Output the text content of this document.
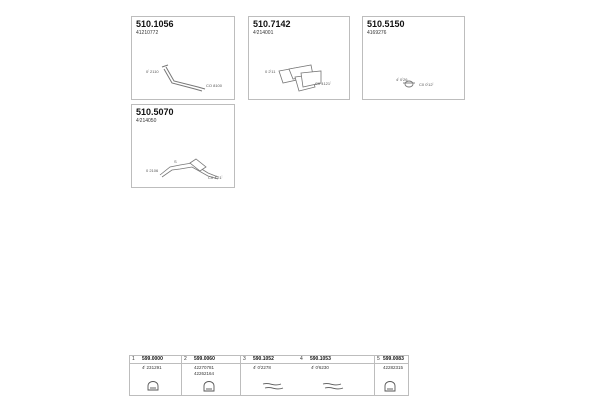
510.1056
41210772
0ⁱ 2110
CO 8100
510.7142
4ⁱ214001
0 2ⁱ11
C0 4121ⁱ
510.5150
4169276
4ⁱ 0ⁱ26
C0 0ⁱ12ⁱ
510.5070
4ⁱ214050
0 2106
S
C0 4ⁱ21ⁱ
1 599.0000
4ⁱ 231291
2 599.0060
42270781
42262164
3 590.1052	4 590.1053
4ⁱ 0ⁱ2278	4ⁱ 0ⁱ6230
5 599.0083
42282315
